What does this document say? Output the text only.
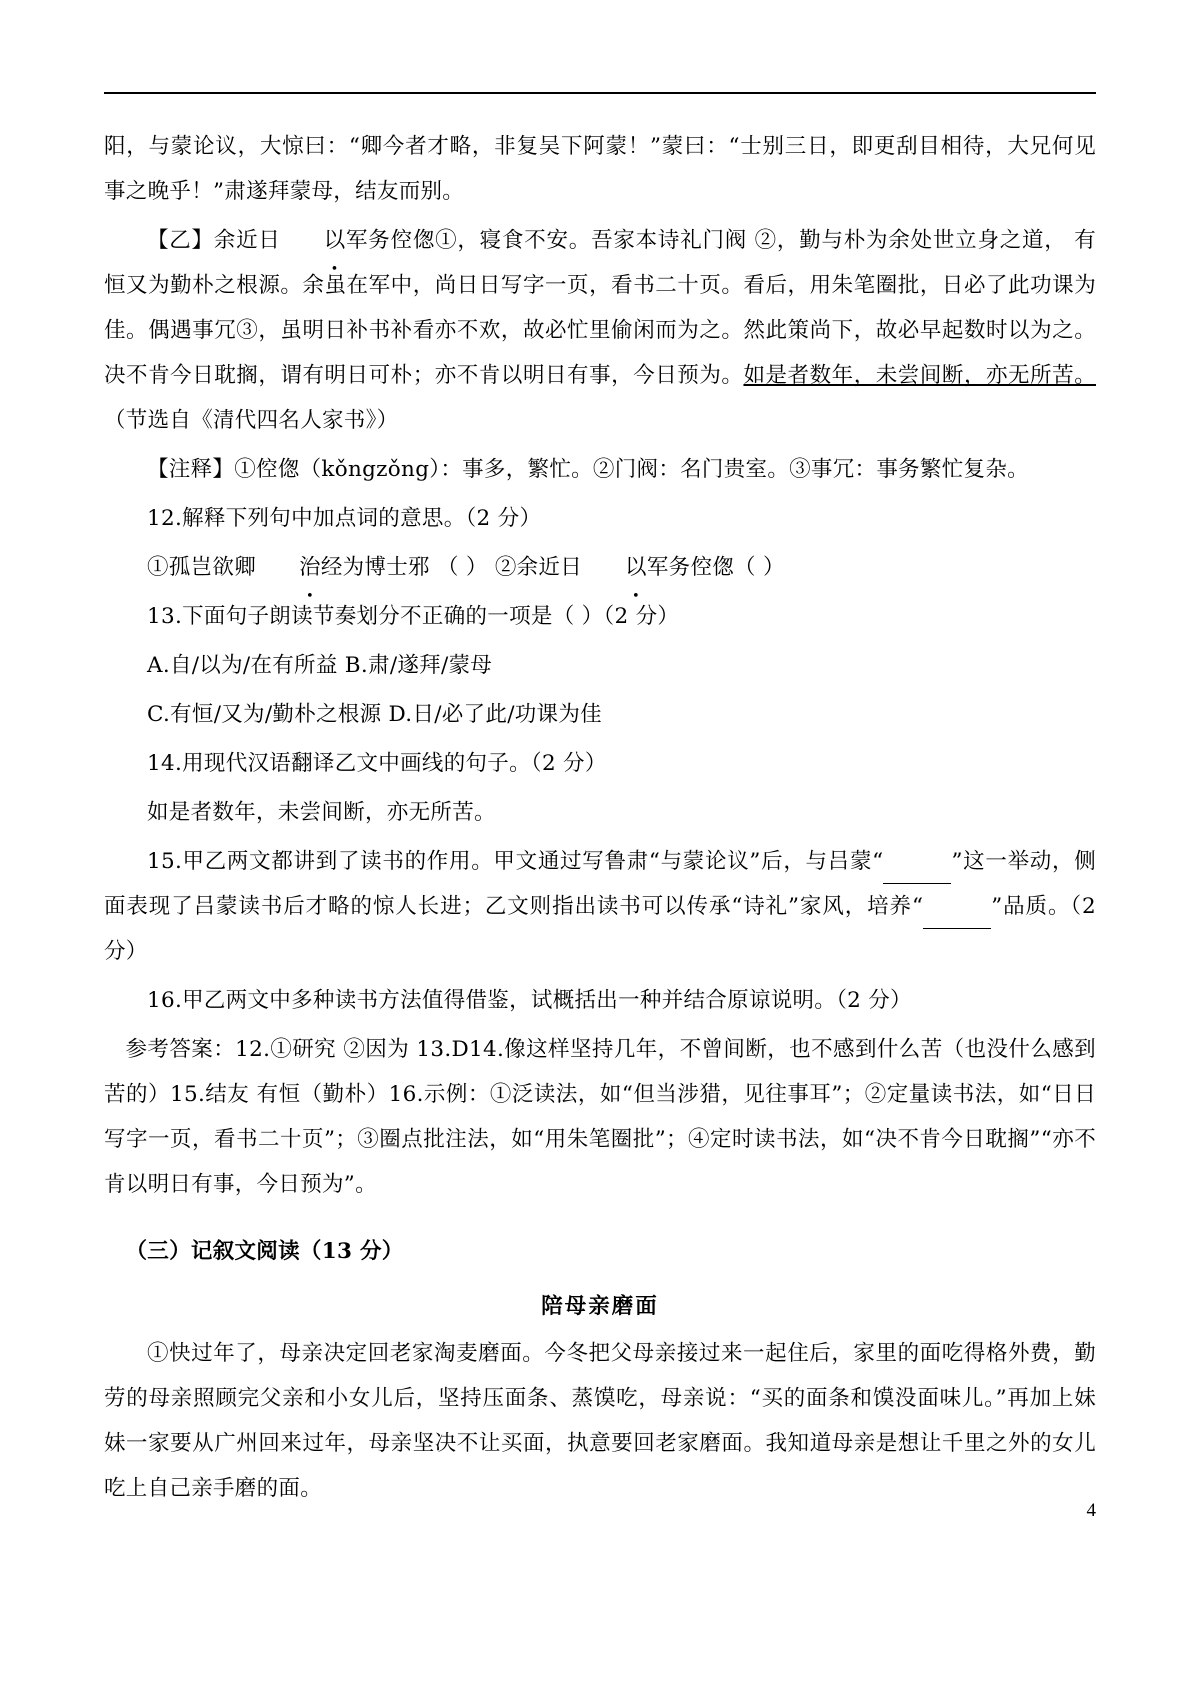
阳，与蒙论议，大惊曰：“卿今者才略，非复吴下阿蒙！”蒙曰：“士别三日，即更刮目相待，大兄何见事之晚乎！”肃遂拜蒙母，结友而别。

【乙】余近日 以军务倥偬①，寝食不安。吾家本诗礼门阀 ②，勤与朴为余处世立身之道， 有恒又为勤朴之根源。余虽在军中，尚日日写字一页，看书二十页。看后，用朱笔圈批，日必了此功课为佳。偶遇事冗③，虽明日补书补看亦不欢，故必忙里偷闲而为之。然此策尚下，故必早起数时以为之。决不肯今日耽搁，谓有明日可朴；亦不肯以明日有事，今日预为。如是者数年，未尝间断，亦无所苦。（节选自《清代四名人家书》）

【注释】①倥偬（kǒngzǒng）：事多，繁忙。②门阀：名门贵室。③事冗：事务繁忙复杂。

12.解释下列句中加点词的意思。（2 分）

①孤岂欲卿 治经为博士邪 （ ） ②余近日 以军务倥偬（ ）

13.下面句子朗读节奏划分不正确的一项是（ ）（2 分）

A.自/以为/在有所益 B.肃/遂拜/蒙母

C.有恒/又为/勤朴之根源 D.日/必了此/功课为佳

14.用现代汉语翻译乙文中画线的句子。（2 分）

如是者数年，未尝间断，亦无所苦。

15.甲乙两文都讲到了读书的作用。甲文通过写鲁肃“与蒙论议”后，与吕蒙“	”这一举动，侧面表现了吕蒙读书后才略的惊人长进；乙文则指出读书可以传承“诗礼”家风，培养“	”品质。（2 分）

16.甲乙两文中多种读书方法值得借鉴，试概括出一种并结合原谅说明。（2 分）

参考答案：12.①研究 ②因为 13.D14.像这样坚持几年，不曾间断，也不感到什么苦（也没什么感到苦的）15.结友 有恒（勤朴）16.示例：①泛读法，如“但当涉猎，见往事耳”；②定量读书法，如“日日写字一页，看书二十页”；③圈点批注法，如“用朱笔圈批”；④定时读书法，如“决不肯今日耽搁”“亦不肯以明日有事，今日预为”。

（三）记叙文阅读（13 分）

陪母亲磨面

①快过年了，母亲决定回老家淘麦磨面。今冬把父母亲接过来一起住后，家里的面吃得格外费，勤劳的母亲照顾完父亲和小女儿后，坚持压面条、蒸馍吃，母亲说：“买的面条和馍没面味儿。”再加上妹妹一家要从广州回来过年，母亲坚决不让买面，执意要回老家磨面。我知道母亲是想让千里之外的女儿吃上自己亲手磨的面。

4
